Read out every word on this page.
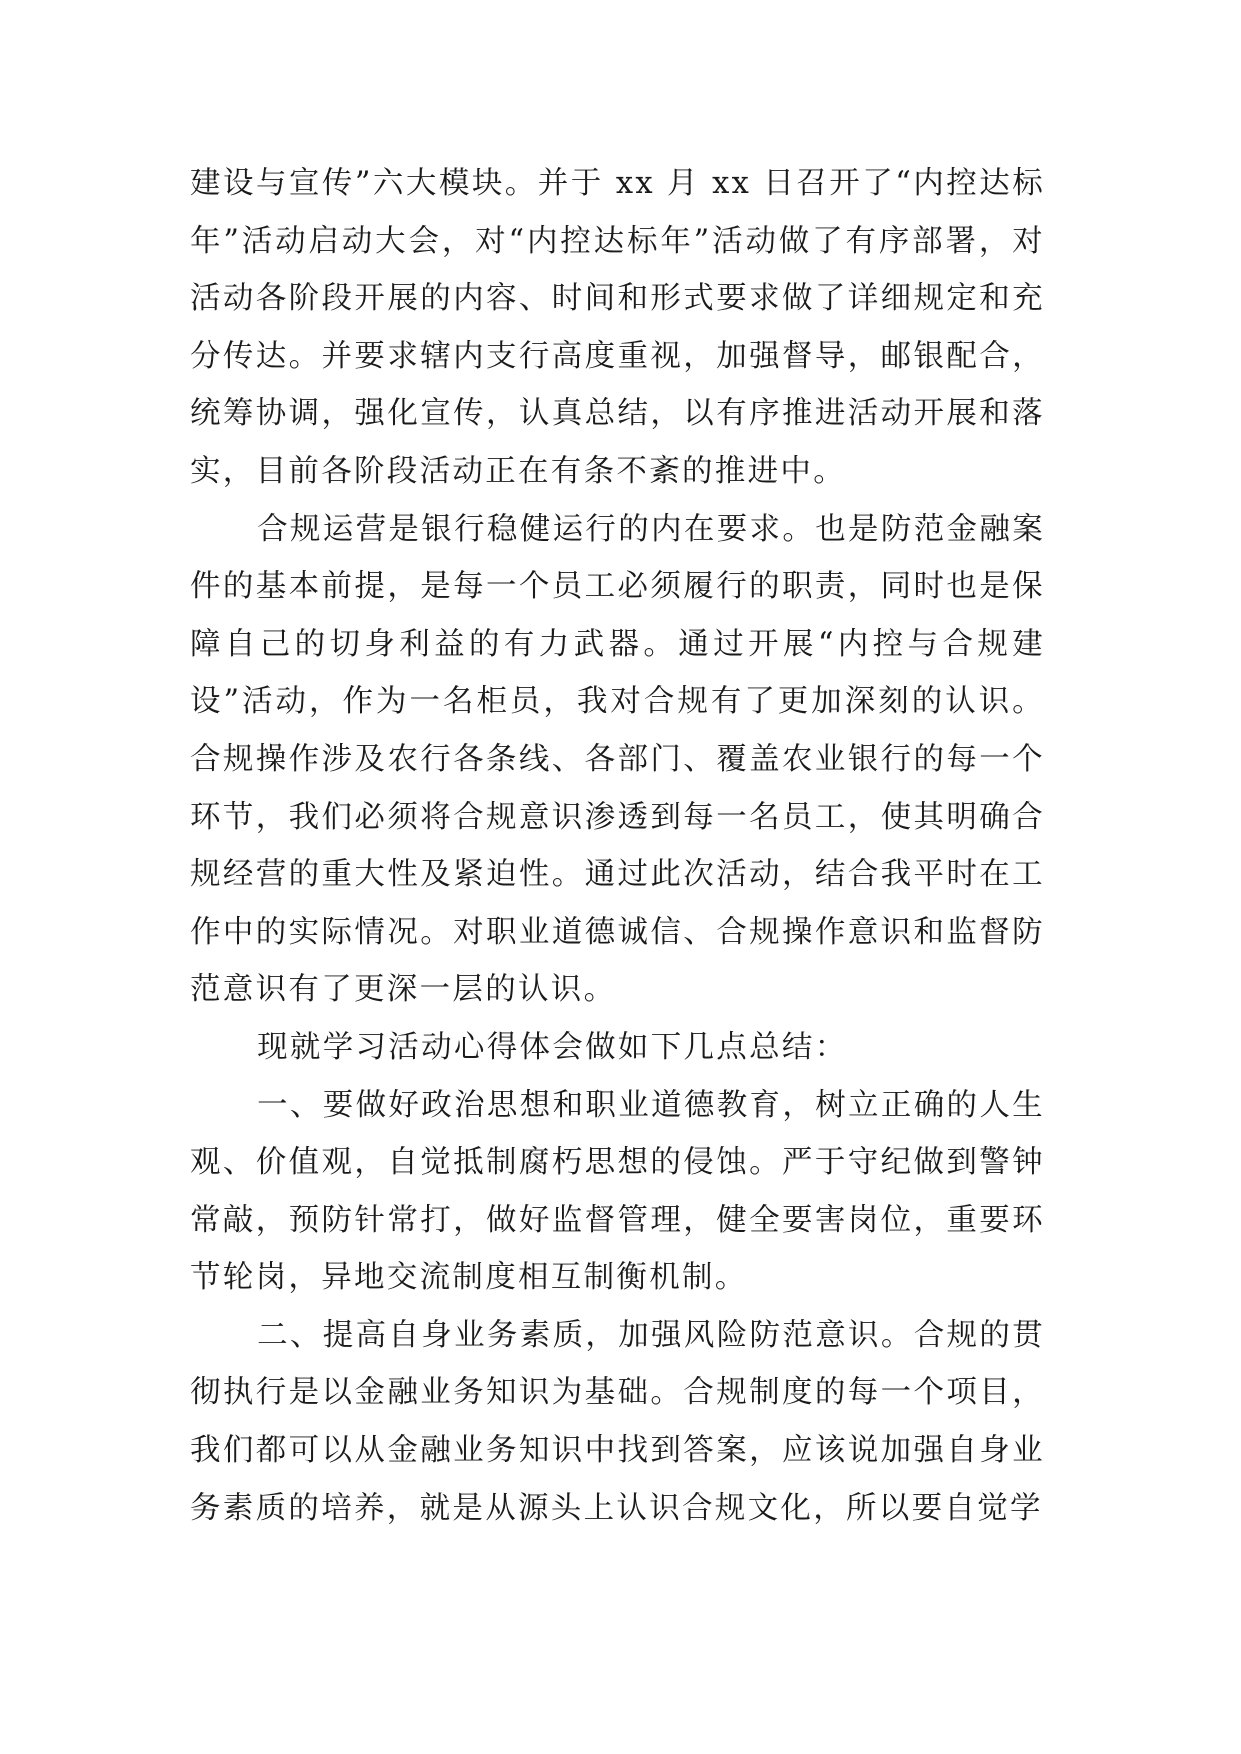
建设与宣传”六大模块。并于 xx 月 xx 日召开了“内控达标年”活动启动大会，对“内控达标年”活动做了有序部署，对活动各阶段开展的内容、时间和形式要求做了详细规定和充分传达。并要求辖内支行高度重视，加强督导，邮银配合，统筹协调，强化宣传，认真总结，以有序推进活动开展和落实，目前各阶段活动正在有条不紊的推进中。

合规运营是银行稳健运行的内在要求。也是防范金融案件的基本前提，是每一个员工必须履行的职责，同时也是保障自己的切身利益的有力武器。通过开展“内控与合规建设”活动，作为一名柜员，我对合规有了更加深刻的认识。合规操作涉及农行各条线、各部门、覆盖农业银行的每一个环节，我们必须将合规意识渗透到每一名员工，使其明确合规经营的重大性及紧迫性。通过此次活动，结合我平时在工作中的实际情况。对职业道德诚信、合规操作意识和监督防范意识有了更深一层的认识。

现就学习活动心得体会做如下几点总结：

一、要做好政治思想和职业道德教育，树立正确的人生观、价值观，自觉抵制腐朽思想的侵蚀。严于守纪做到警钟常敲，预防针常打，做好监督管理，健全要害岗位，重要环节轮岗，异地交流制度相互制衡机制。

二、提高自身业务素质，加强风险防范意识。合规的贯彻执行是以金融业务知识为基础。合规制度的每一个项目，我们都可以从金融业务知识中找到答案，应该说加强自身业务素质的培养，就是从源头上认识合规文化，所以要自觉学
